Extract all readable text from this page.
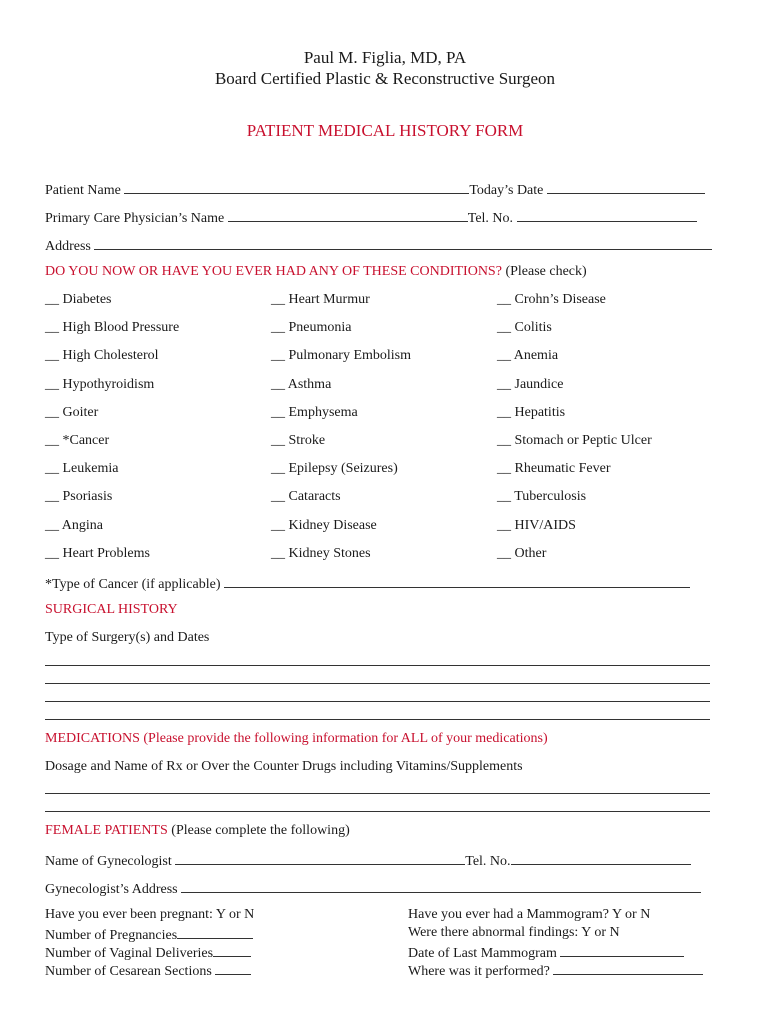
Paul M. Figlia, MD, PA
Board Certified Plastic & Reconstructive Surgeon
PATIENT MEDICAL HISTORY FORM
Patient Name	Today’s Date
Primary Care Physician’s Name	Tel. No.
Address
DO YOU NOW OR HAVE YOU EVER HAD ANY OF THESE CONDITIONS? (Please check)
__ Diabetes	__ Heart Murmur	__ Crohn’s Disease
__ High Blood Pressure	__ Pneumonia	__ Colitis
__ High Cholesterol	__ Pulmonary Embolism	__ Anemia
__ Hypothyroidism	__ Asthma	__ Jaundice
__ Goiter	__ Emphysema	__ Hepatitis
__ *Cancer	__ Stroke	__ Stomach or Peptic Ulcer
__ Leukemia	__ Epilepsy (Seizures)	__ Rheumatic Fever
__ Psoriasis	__ Cataracts	__ Tuberculosis
__ Angina	__ Kidney Disease	__ HIV/AIDS
__ Heart Problems	__ Kidney Stones	__ Other
*Type of Cancer (if applicable)
SURGICAL HISTORY
Type of Surgery(s) and Dates
MEDICATIONS (Please provide the following information for ALL of your medications)
Dosage and Name of Rx or Over the Counter Drugs including Vitamins/Supplements
FEMALE PATIENTS (Please complete the following)
Name of Gynecologist	Tel. No.
Gynecologist’s Address
Have you ever been pregnant: Y or N
Number of Pregnancies
Number of Vaginal Deliveries
Number of Cesarean Sections
Have you ever had a Mammogram? Y or N
Were there abnormal findings: Y or N
Date of Last Mammogram
Where was it performed?
